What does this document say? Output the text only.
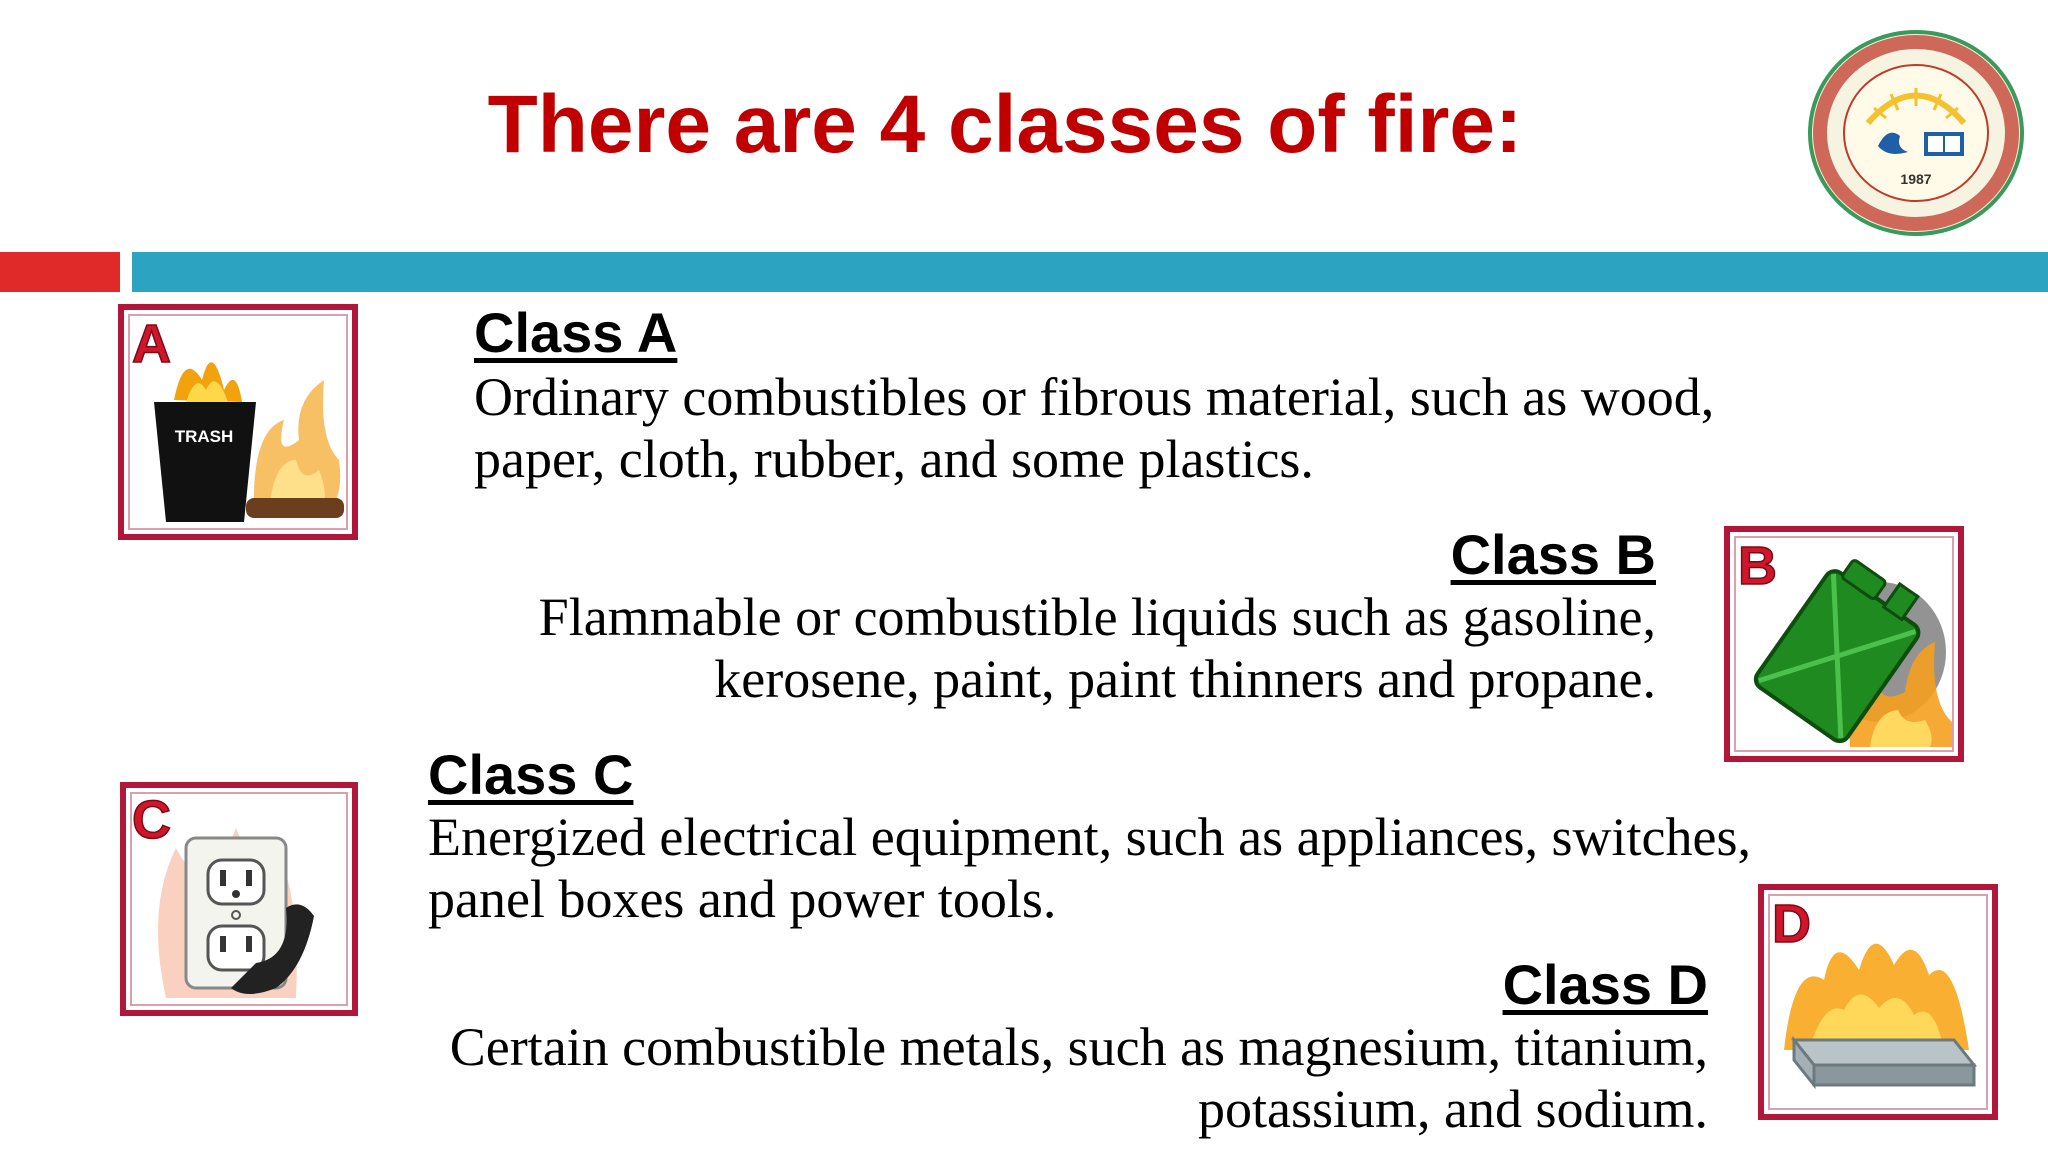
There are 4 classes of fire:
1987
TRASH
A
B
C
D
Class A
Ordinary combustibles or fibrous material, such as wood,
paper, cloth, rubber, and some plastics.
Class B
Flammable or combustible liquids such as gasoline,
kerosene, paint, paint thinners and propane.
Class C
Energized electrical equipment, such as appliances, switches,
panel boxes and power tools.
Class D
Certain combustible metals, such as magnesium, titanium,
potassium, and sodium.
